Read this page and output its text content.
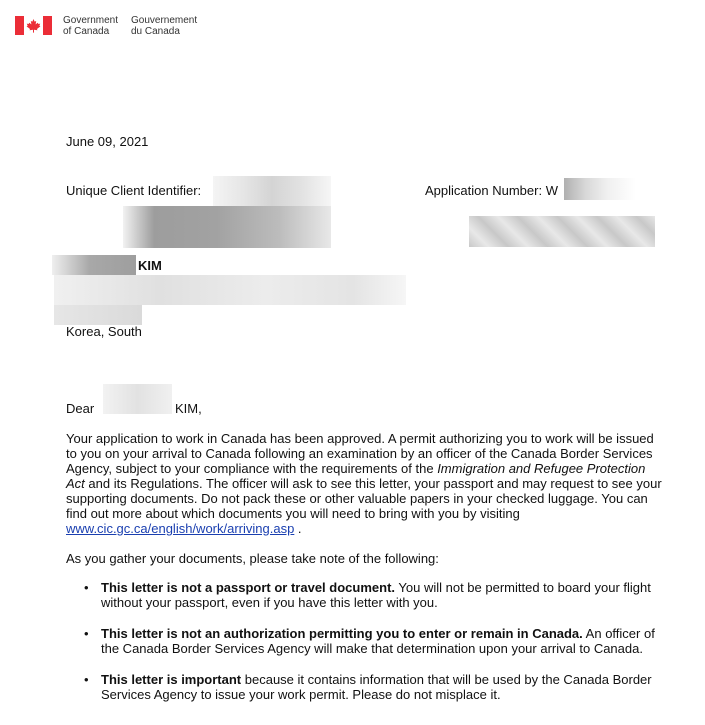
Government
of Canada
Gouvernement
du Canada
June 09, 2021
Unique Client Identifier:	Application Number: W
KIM
Korea, South
Dear	KIM,
Your application to work in Canada has been approved. A permit authorizing you to work will be issued to you on your arrival to Canada following an examination by an officer of the Canada Border Services Agency, subject to your compliance with the requirements of the Immigration and Refugee Protection Act and its Regulations. The officer will ask to see this letter, your passport and may request to see your supporting documents. Do not pack these or other valuable papers in your checked luggage. You can find out more about which documents you will need to bring with you by visiting www.cic.gc.ca/english/work/arriving.asp .
As you gather your documents, please take note of the following:
• This letter is not a passport or travel document. You will not be permitted to board your flight without your passport, even if you have this letter with you.
• This letter is not an authorization permitting you to enter or remain in Canada. An officer of the Canada Border Services Agency will make that determination upon your arrival to Canada.
• This letter is important because it contains information that will be used by the Canada Border Services Agency to issue your work permit. Please do not misplace it.
